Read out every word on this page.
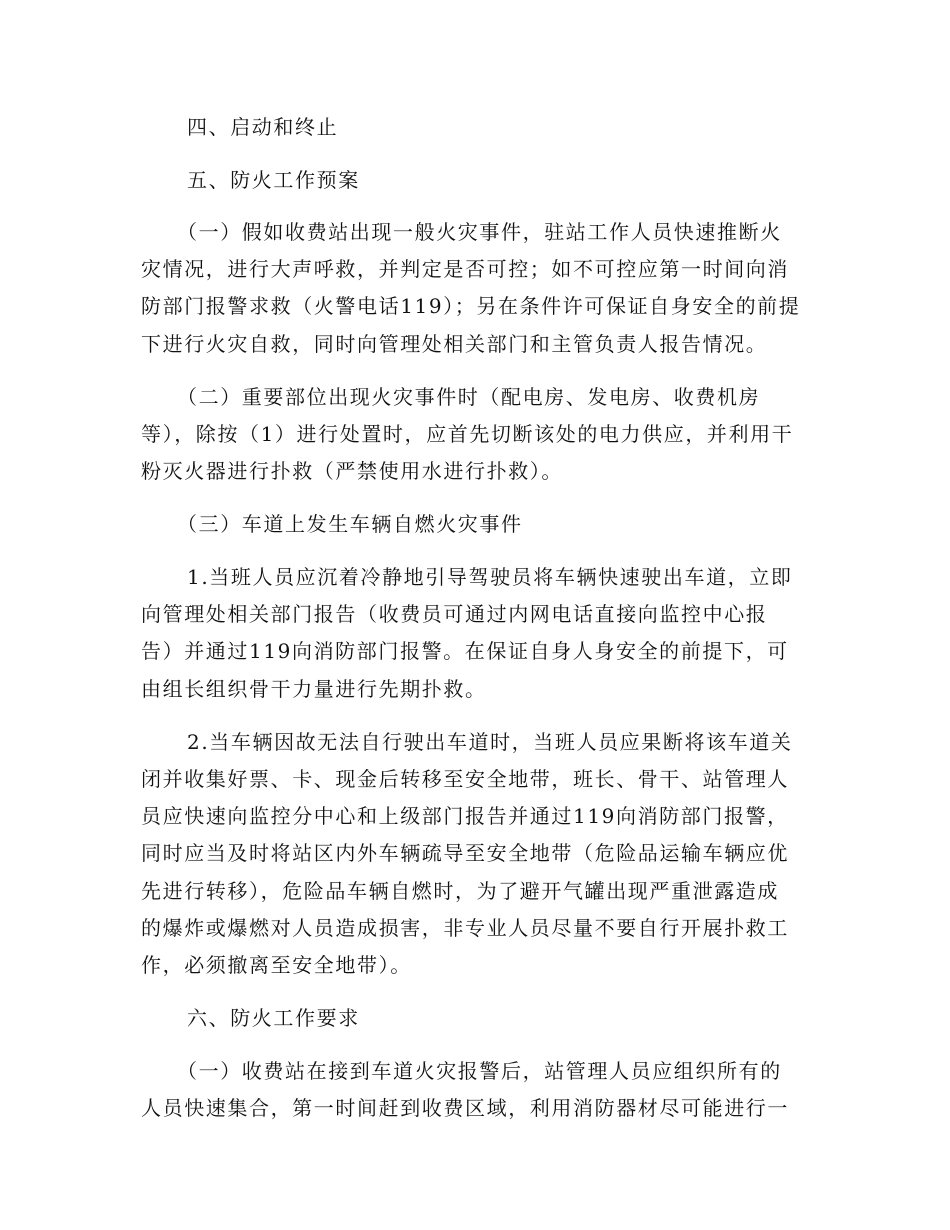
四、启动和终止
五、防火工作预案
（一）假如收费站出现一般火灾事件，驻站工作人员快速推断火
灾情况，进行大声呼救，并判定是否可控；如不可控应第一时间向消
防部门报警求救（火警电话119）；另在条件许可保证自身安全的前提
下进行火灾自救，同时向管理处相关部门和主管负责人报告情况。
（二）重要部位出现火灾事件时（配电房、发电房、收费机房
等），除按（1）进行处置时，应首先切断该处的电力供应，并利用干
粉灭火器进行扑救（严禁使用水进行扑救）。
（三）车道上发生车辆自燃火灾事件
1.当班人员应沉着冷静地引导驾驶员将车辆快速驶出车道，立即
向管理处相关部门报告（收费员可通过内网电话直接向监控中心报
告）并通过119向消防部门报警。在保证自身人身安全的前提下，可
由组长组织骨干力量进行先期扑救。
2.当车辆因故无法自行驶出车道时，当班人员应果断将该车道关
闭并收集好票、卡、现金后转移至安全地带，班长、骨干、站管理人
员应快速向监控分中心和上级部门报告并通过119向消防部门报警，
同时应当及时将站区内外车辆疏导至安全地带（危险品运输车辆应优
先进行转移），危险品车辆自燃时，为了避开气罐出现严重泄露造成
的爆炸或爆燃对人员造成损害，非专业人员尽量不要自行开展扑救工
作，必须撤离至安全地带）。
六、防火工作要求
（一）收费站在接到车道火灾报警后，站管理人员应组织所有的
人员快速集合，第一时间赶到收费区域，利用消防器材尽可能进行一
